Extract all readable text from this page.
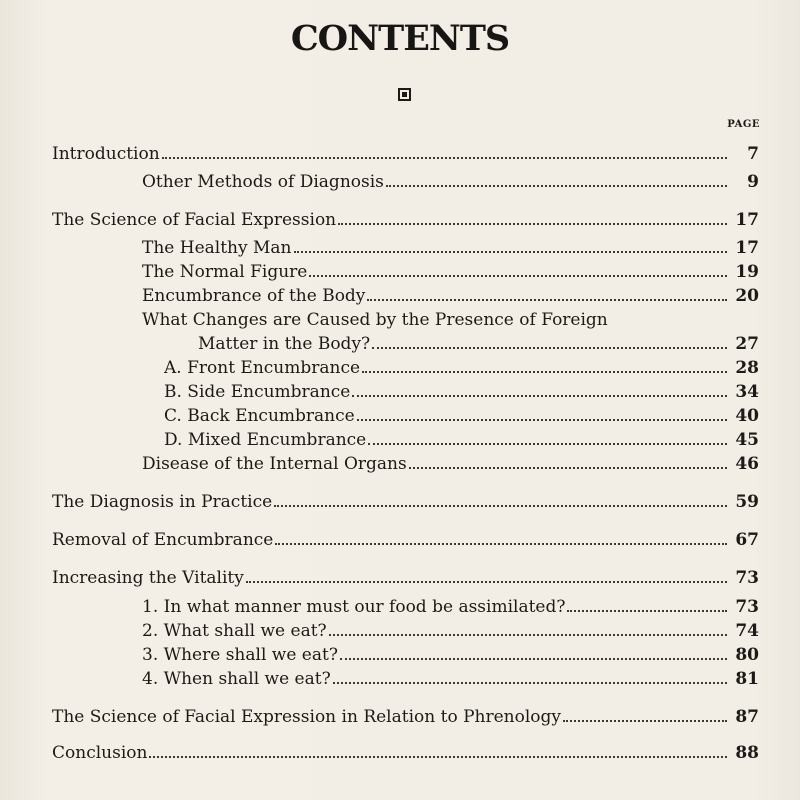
CONTENTS
PAGE
Introduction	7
Other Methods of Diagnosis	9
The Science of Facial Expression	17
The Healthy Man	17
The Normal Figure	19
Encumbrance of the Body	20
What Changes are Caused by the Presence of Foreign
Matter in the Body?	27
A. Front Encumbrance	28
B. Side Encumbrance	34
C. Back Encumbrance	40
D. Mixed Encumbrance	45
Disease of the Internal Organs	46
The Diagnosis in Practice	59
Removal of Encumbrance	67
Increasing the Vitality	73
1. In what manner must our food be assimilated?	73
2. What shall we eat?	74
3. Where shall we eat?	80
4. When shall we eat?	81
The Science of Facial Expression in Relation to Phrenology	87
Conclusion	88
